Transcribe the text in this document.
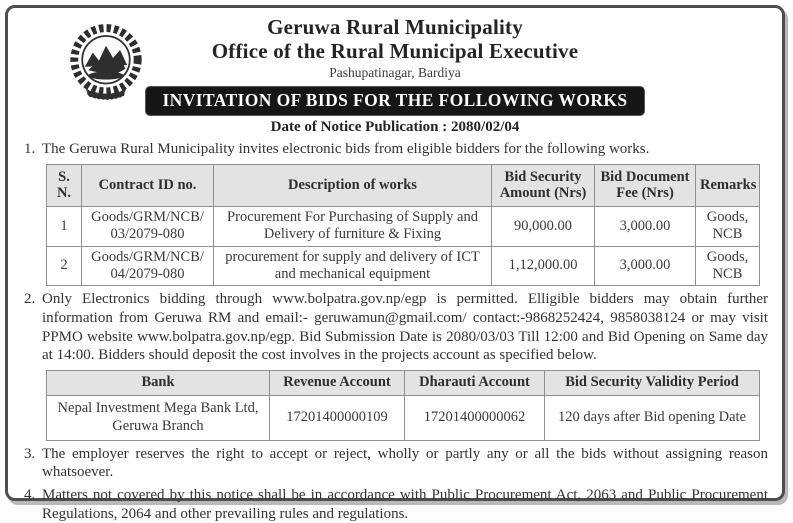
Geruwa Rural Municipality
Office of the Rural Municipal Executive
Pashupatinagar, Bardiya
INVITATION OF BIDS FOR THE FOLLOWING WORKS
Date of Notice Publication : 2080/02/04
1. The Geruwa Rural Municipality invites electronic bids from eligible bidders for the following works.
S. N.	Contract ID no.	Description of works	Bid Security Amount (Nrs)	Bid Document Fee (Nrs)	Remarks
1	Goods/GRM/NCB/ 03/2079-080	Procurement For Purchasing of Supply and Delivery of furniture & Fixing	90,000.00	3,000.00	Goods, NCB
2	Goods/GRM/NCB/ 04/2079-080	procurement for supply and delivery of ICT and mechanical equipment	1,12,000.00	3,000.00	Goods, NCB
2. Only Electronics bidding through www.bolpatra.gov.np/egp is permitted. Elligible bidders may obtain further information from Geruwa RM and email:- geruwamun@gmail.com/ contact:-9868252424, 9858038124 or may visit PPMO website www.bolpatra.gov.np/egp. Bid Submission Date is 2080/03/03 Till 12:00 and Bid Opening on Same day at 14:00. Bidders should deposit the cost involves in the projects account as specified below.
Bank	Revenue Account	Dharauti Account	Bid Security Validity Period
Nepal Investment Mega Bank Ltd, Geruwa Branch	17201400000109	17201400000062	120 days after Bid opening Date
3. The employer reserves the right to accept or reject, wholly or partly any or all the bids without assigning reason whatsoever.
4. Matters not covered by this notice shall be in accordance with Public Procurement Act, 2063 and Public Procurement Regulations, 2064 and other prevailing rules and regulations.
